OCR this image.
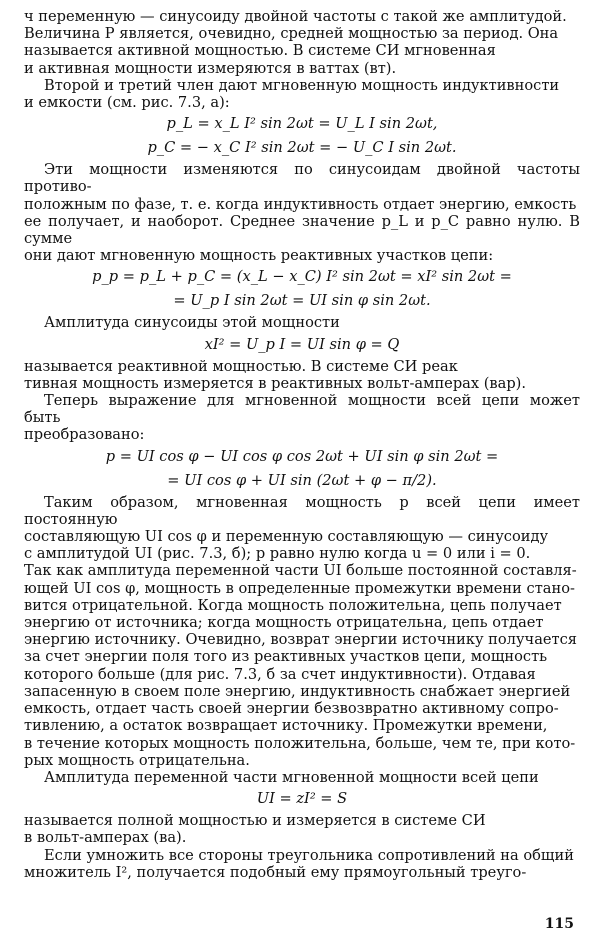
ч переменную — синусоиду двойной частоты с такой же амплитудой.

Величина P является, очевидно, средней мощностью за период. Она

называется активной мощностью. В системе СИ мгновенная

и активная мощности измеряются в ваттах (вт).

Второй и третий член дают мгновенную мощность индуктивности

и емкости (см. рис. 7.3, а):

p_L = x_L I² sin 2ωt = U_L I sin 2ωt,

p_C = − x_C I² sin 2ωt = − U_C I sin 2ωt.

Эти мощности изменяются по синусоидам двойной частоты противо-

положным по фазе, т. е. когда индуктивность отдает энергию, емкость

ее получает, и наоборот. Среднее значение p_L и p_C равно нулю. В сумме

они дают мгновенную мощность реактивных участков цепи:

p_p = p_L + p_C = (x_L − x_C) I² sin 2ωt = xI² sin 2ωt =

= U_p I sin 2ωt = UI sin φ sin 2ωt.

Амплитуда синусоиды этой мощности

xI² = U_p I = UI sin φ = Q

называется реактивной мощностью. В системе СИ реак

тивная мощность измеряется в реактивных вольт-амперах (вар).

Теперь выражение для мгновенной мощности всей цепи может быть

преобразовано:

p = UI cos φ − UI cos φ cos 2ωt + UI sin φ sin 2ωt =

= UI cos φ + UI sin (2ωt + φ − π/2).

Таким образом, мгновенная мощность p всей цепи имеет постоянную

составляющую UI cos φ и переменную составляющую — синусоиду

с амплитудой UI (рис. 7.3, б); p равно нулю когда u = 0 или i = 0.

Так как амплитуда переменной части UI больше постоянной составля-

ющей UI cos φ, мощность в определенные промежутки времени стано-

вится отрицательной. Когда мощность положительна, цепь получает

энергию от источника; когда мощность отрицательна, цепь отдает

энергию источнику. Очевидно, возврат энергии источнику получается

за счет энергии поля того из реактивных участков цепи, мощность

которого больше (для рис. 7.3, б за счет индуктивности). Отдавая

запасенную в своем поле энергию, индуктивность снабжает энергией

емкость, отдает часть своей энергии безвозвратно активному сопро-

тивлению, а остаток возвращает источнику. Промежутки времени,

в течение которых мощность положительна, больше, чем те, при кото-

рых мощность отрицательна.

Амплитуда переменной части мгновенной мощности всей цепи

UI = zI² = S

называется полной мощностью и измеряется в системе СИ

в вольт-амперах (ва).

Если умножить все стороны треугольника сопротивлений на общий

множитель I², получается подобный ему прямоугольный треуго-

115
